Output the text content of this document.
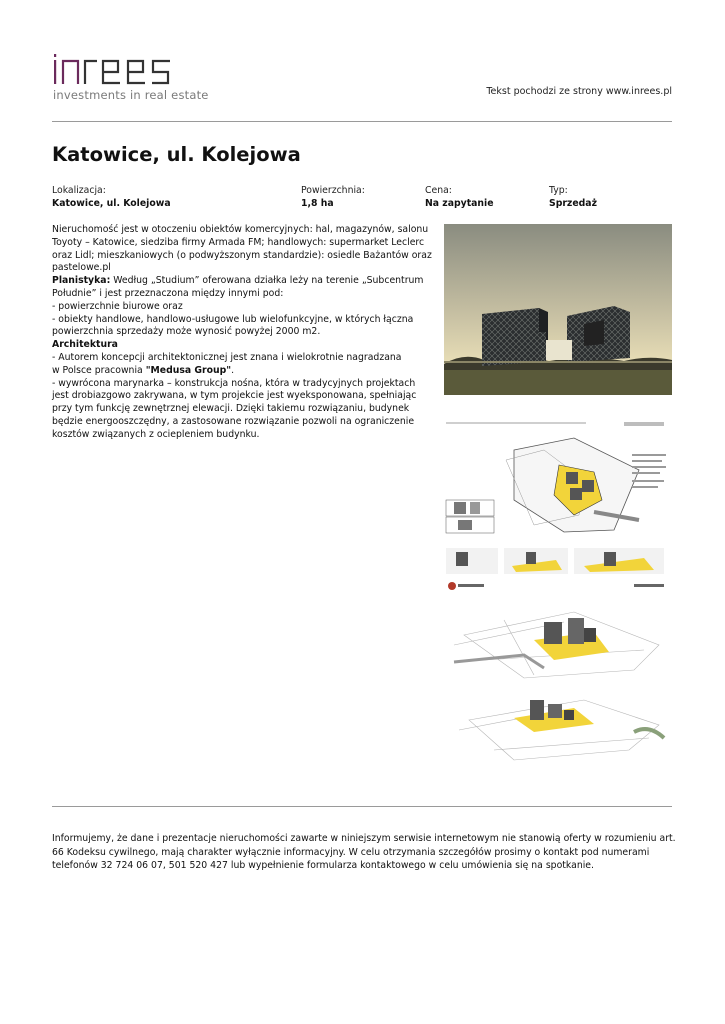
investments in real estate	Tekst pochodzi ze strony www.inrees.pl
Katowice, ul. Kolejowa
Lokalizacja:
Katowice, ul. Kolejowa
Powierzchnia:
1,8 ha
Cena:
Na zapytanie
Typ:
Sprzedaż
Nieruchomość jest w otoczeniu obiektów komercyjnych: hal, magazynów, salonu Toyoty – Katowice, siedziba firmy Armada FM; handlowych: supermarket Leclerc oraz Lidl; mieszkaniowych (o podwyższonym standardzie): osiedle Bażantów oraz pastelowe.pl
Planistyka: Według „Studium” oferowana działka leży na terenie „Subcentrum Południe” i jest przeznaczona między innymi pod:
- powierzchnie biurowe oraz
- obiekty handlowe, handlowo-usługowe lub wielofunkcyjne, w których łączna powierzchnia sprzedaży może wynosić powyżej 2000 m2.
Architektura
- Autorem koncepcji architektonicznej jest znana i wielokrotnie nagradzana
w Polsce pracownia "Medusa Group".
- wywrócona marynarka – konstrukcja nośna, która w tradycyjnych projektach jest drobiazgowo zakrywana, w tym projekcie jest wyeksponowana, spełniając przy tym funkcję zewnętrznej elewacji. Dzięki takiemu rozwiązaniu, budynek będzie energooszczędny, a zastosowane rozwiązanie pozwoli na ograniczenie kosztów związanych z ociepleniem budynku.
Informujemy, że dane i prezentacje nieruchomości zawarte w niniejszym serwisie internetowym nie stanowią oferty w rozumieniu art. 66 Kodeksu cywilnego, mają charakter wyłącznie informacyjny. W celu otrzymania szczegółów prosimy o kontakt pod numerami telefonów 32 724 06 07, 501 520 427 lub wypełnienie formularza kontaktowego w celu umówienia się na spotkanie.
